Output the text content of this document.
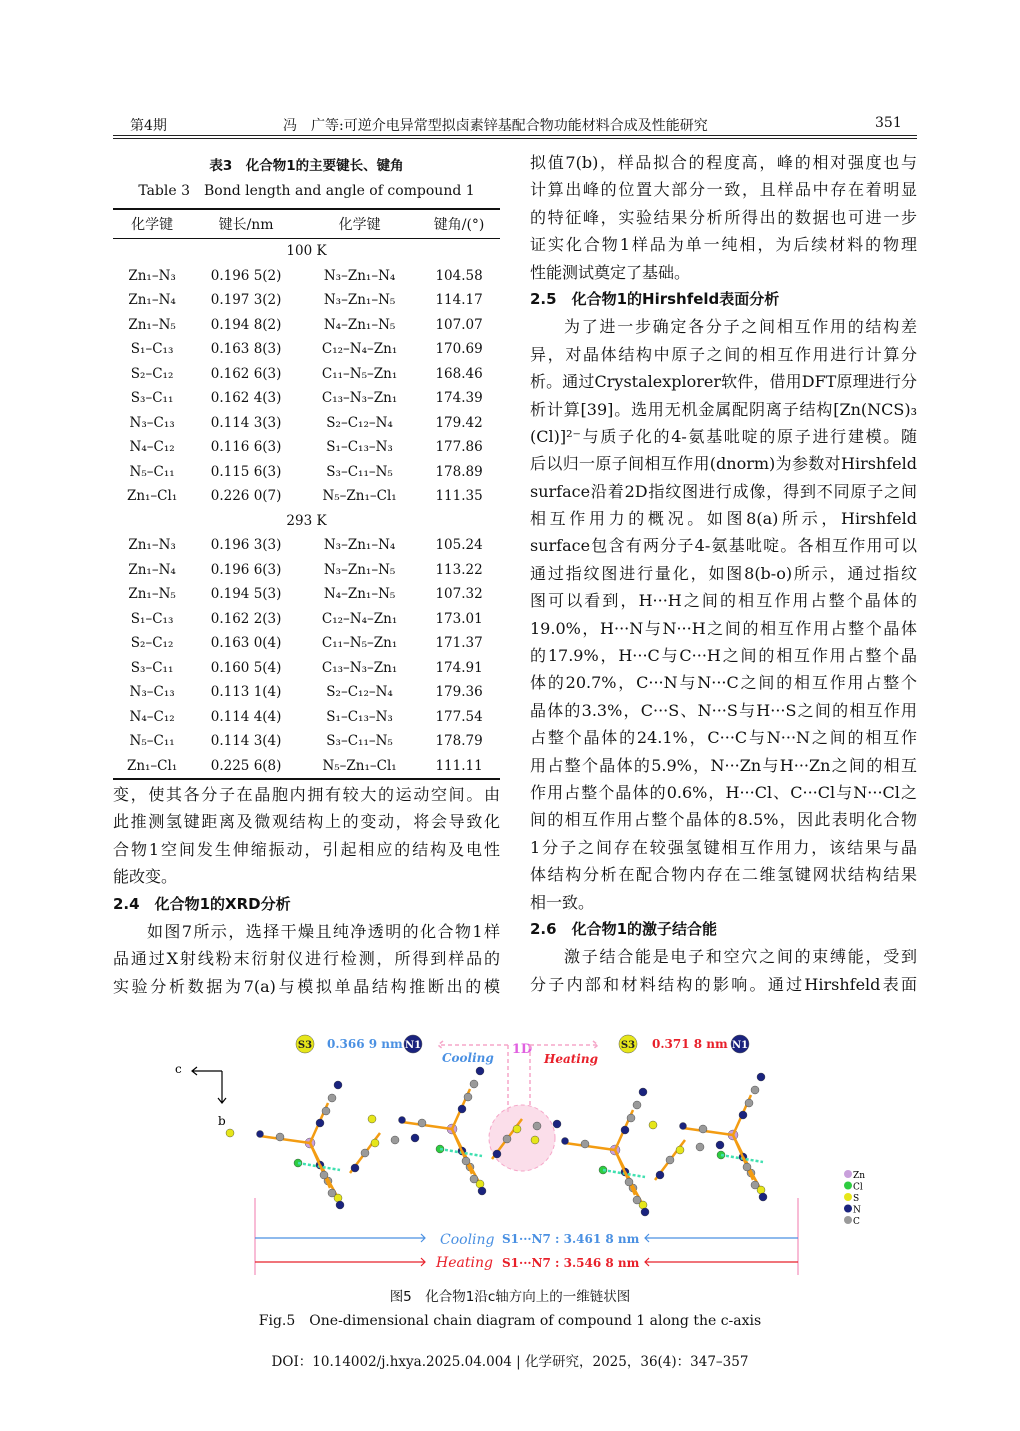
第4期	冯　广等:可逆介电异常型拟卤素锌基配合物功能材料合成及性能研究	351
表3　化合物1的主要键长、键角
Table 3　Bond length and angle of compound 1
化学键	键长/nm	化学键	键角/(°)
100 K			
Zn₁–N₃	0.196 5(2)	N₃–Zn₁–N₄	104.58
Zn₁–N₄	0.197 3(2)	N₃–Zn₁–N₅	114.17
Zn₁–N₅	0.194 8(2)	N₄–Zn₁–N₅	107.07
S₁–C₁₃	0.163 8(3)	C₁₂–N₄–Zn₁	170.69
S₂–C₁₂	0.162 6(3)	C₁₁–N₅–Zn₁	168.46
S₃–C₁₁	0.162 4(3)	C₁₃–N₃–Zn₁	174.39
N₃–C₁₃	0.114 3(3)	S₂–C₁₂–N₄	179.42
N₄–C₁₂	0.116 6(3)	S₁–C₁₃–N₃	177.86
N₅–C₁₁	0.115 6(3)	S₃–C₁₁–N₅	178.89
Zn₁–Cl₁	0.226 0(7)	N₅–Zn₁–Cl₁	111.35
293 K			
Zn₁–N₃	0.196 3(3)	N₃–Zn₁–N₄	105.24
Zn₁–N₄	0.196 6(3)	N₃–Zn₁–N₅	113.22
Zn₁–N₅	0.194 5(3)	N₄–Zn₁–N₅	107.32
S₁–C₁₃	0.162 2(3)	C₁₂–N₄–Zn₁	173.01
S₂–C₁₂	0.163 0(4)	C₁₁–N₅–Zn₁	171.37
S₃–C₁₁	0.160 5(4)	C₁₃–N₃–Zn₁	174.91
N₃–C₁₃	0.113 1(4)	S₂–C₁₂–N₄	179.36
N₄–C₁₂	0.114 4(4)	S₁–C₁₃–N₃	177.54
N₅–C₁₁	0.114 3(4)	S₃–C₁₁–N₅	178.79
Zn₁–Cl₁	0.225 6(8)	N₅–Zn₁–Cl₁	111.11
变，使其各分子在晶胞内拥有较大的运动空间。由
此推测氢键距离及微观结构上的变动，将会导致化
合物1空间发生伸缩振动，引起相应的结构及电性
能改变。
2.4　化合物1的XRD分析
如图7所示，选择干燥且纯净透明的化合物1样
品通过X射线粉末衍射仪进行检测，所得到样品的
实验分析数据为7(a)与模拟单晶结构推断出的模
拟值7(b)，样品拟合的程度高，峰的相对强度也与
计算出峰的位置大部分一致，且样品中存在着明显
的特征峰，实验结果分析所得出的数据也可进一步
证实化合物1样品为单一纯相，为后续材料的物理
性能测试奠定了基础。
2.5　化合物1的Hirshfeld表面分析
为了进一步确定各分子之间相互作用的结构差
异，对晶体结构中原子之间的相互作用进行计算分
析。通过Crystalexplorer软件，借用DFT原理进行分
析计算[39]。选用无机金属配阴离子结构[Zn(NCS)₃
(Cl)]²⁻与质子化的4-氨基吡啶的原子进行建模。随
后以归一原子间相互作用(dnorm)为参数对Hirshfeld
surface沿着2D指纹图进行成像，得到不同原子之间
相互作用力的概况。如图8(a)所示，Hirshfeld
surface包含有两分子4-氨基吡啶。各相互作用可以
通过指纹图进行量化，如图8(b-o)所示，通过指纹
图可以看到，H···H之间的相互作用占整个晶体的
19.0%，H···N与N···H之间的相互作用占整个晶体
的17.9%，H···C与C···H之间的相互作用占整个晶
体的20.7%，C···N与N···C之间的相互作用占整个
晶体的3.3%，C···S、N···S与H···S之间的相互作用
占整个晶体的24.1%，C···C与N···N之间的相互作
用占整个晶体的5.9%，N···Zn与H···Zn之间的相互
作用占整个晶体的0.6%，H···Cl、C···Cl与N···Cl之
间的相互作用占整个晶体的8.5%，因此表明化合物
1分子之间存在较强氢键相互作用力，该结果与晶
体结构分析在配合物内存在二维氢键网状结构结果
相一致。
2.6　化合物1的激子结合能
激子结合能是电子和空穴之间的束缚能，受到
分子内部和材料结构的影响。通过Hirshfeld表面
S3	N1	S3	N1
0.366 9 nm	0.371 8 nm
1D
Cooling	Heating
c
b
Zn
Cl
S
N
C
Cooling S1···N7 : 3.461 8 nm
Heating S1···N7 : 3.546 8 nm
图5　化合物1沿c轴方向上的一维链状图
Fig.5　One-dimensional chain diagram of compound 1 along the c-axis
DOI：10.14002/j.hxya.2025.04.004 | 化学研究，2025，36(4)：347–357
